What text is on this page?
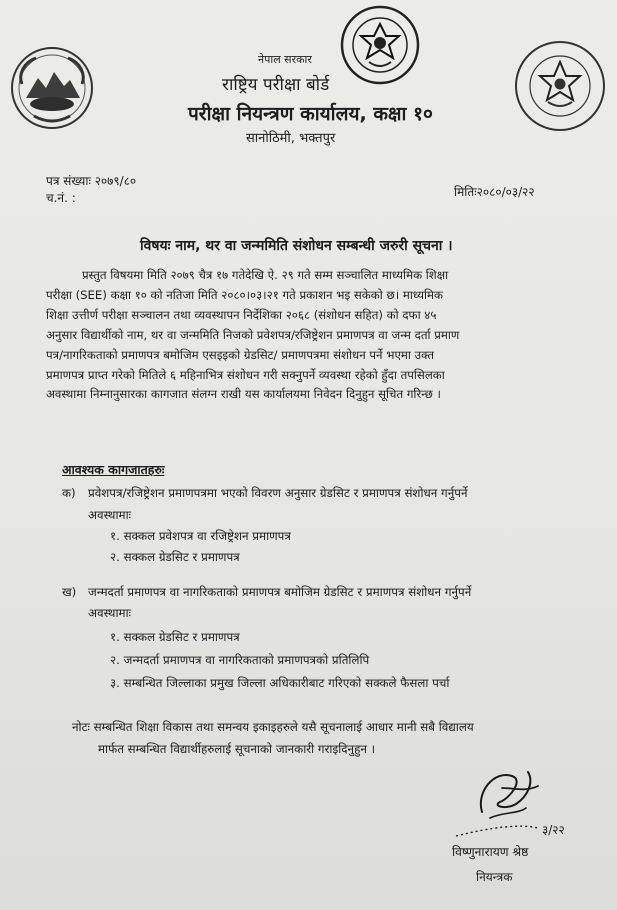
नेपाल सरकार
राष्ट्रिय परीक्षा बोर्ड
परीक्षा नियन्त्रण कार्यालय, कक्षा १०
सानोठिमी, भक्तपुर
पत्र संख्याः २०७९/८०
च.नं. :	मितिः२०८०/०३/२२
विषयः नाम, थर वा जन्ममिति संशोधन सम्बन्धी जरुरी सूचना ।
प्रस्तुत विषयमा मिति २०७९ चैत्र १७ गतेदेखि ऐ. २९ गते सम्म सञ्चालित माध्यमिक शिक्षा
परीक्षा (SEE) कक्षा १० को नतिजा मिति २०८०।०३।२१ गते प्रकाशन भइ सकेको छ। माध्यमिक
शिक्षा उत्तीर्ण परीक्षा सञ्चालन तथा व्यवस्थापन निर्देशिका २०६८ (संशोधन सहित) को दफा ४५
अनुसार विद्यार्थीको नाम, थर वा जन्ममिति निजको प्रवेशपत्र/रजिष्ट्रेशन प्रमाणपत्र वा जन्म दर्ता प्रमाण
पत्र/नागरिकताको प्रमाणपत्र बमोजिम एसइइको ग्रेडसिट/ प्रमाणपत्रमा संशोधन पर्ने भएमा उक्त
प्रमाणपत्र प्राप्त गरेको मितिले ६ महिनाभित्र संशोधन गरी सक्नुपर्ने व्यवस्था रहेको हुँदा तपसिलका
अवस्थामा निम्नानुसारका कागजात संलग्न राखी यस कार्यालयमा निवेदन दिनुहुन सूचित गरिन्छ ।
आवश्यक कागजातहरुः
क) प्रवेशपत्र/रजिष्ट्रेशन प्रमाणपत्रमा भएको विवरण अनुसार ग्रेडसिट र प्रमाणपत्र संशोधन गर्नुपर्ने
अवस्थामाः
१. सक्कल प्रवेशपत्र वा रजिष्ट्रेशन प्रमाणपत्र
२. सक्कल ग्रेडसिट र प्रमाणपत्र
ख) जन्मदर्ता प्रमाणपत्र वा नागरिकताको प्रमाणपत्र बमोजिम ग्रेडसिट र प्रमाणपत्र संशोधन गर्नुपर्ने
अवस्थामाः
१. सक्कल ग्रेडसिट र प्रमाणपत्र
२. जन्मदर्ता प्रमाणपत्र वा नागरिकताको प्रमाणपत्रको प्रतिलिपि
३. सम्बन्धित जिल्लाका प्रमुख जिल्ला अधिकारीबाट गरिएको सक्कले फैसला पर्चा
नोटः सम्बन्धित शिक्षा विकास तथा समन्वय इकाइहरुले यसै सूचनालाई आधार मानी सबै विद्यालय
मार्फत सम्बन्धित विद्यार्थीहरुलाई सूचनाको जानकारी गराइदिनुहुन ।
३/२२
विष्णुनारायण श्रेष्ठ
नियन्त्रक
